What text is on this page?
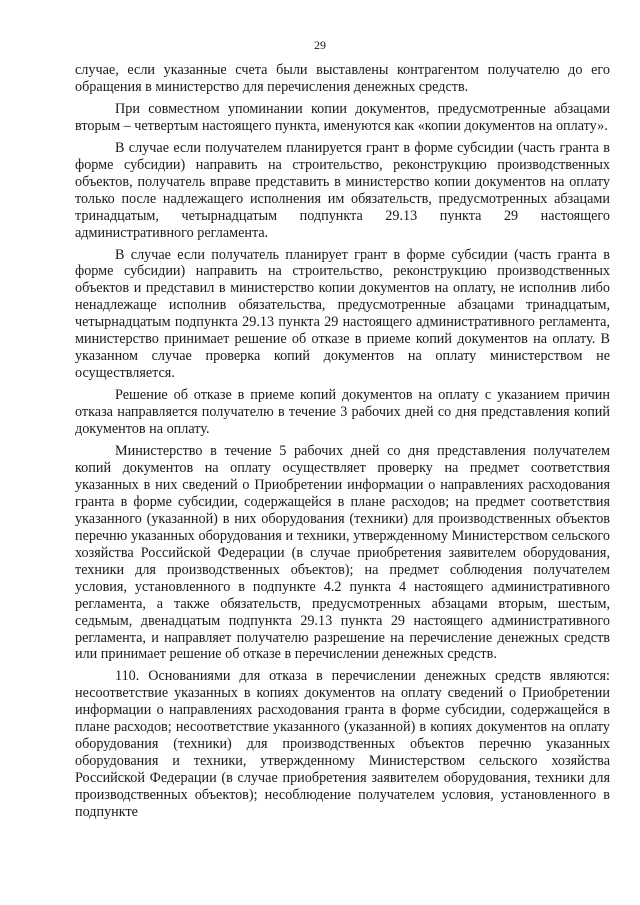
29

случае, если указанные счета были выставлены контрагентом получателю до его обращения в министерство для перечисления денежных средств.

При совместном упоминании копии документов, предусмотренные абзацами вторым – четвертым настоящего пункта, именуются как «копии документов на оплату».

В случае если получателем планируется грант в форме субсидии (часть гранта в форме субсидии) направить на строительство, реконструкцию производственных объектов, получатель вправе представить в министерство копии документов на оплату только после надлежащего исполнения им обязательств, предусмотренных абзацами тринадцатым, четырнадцатым подпункта 29.13 пункта 29 настоящего административного регламента.

В случае если получатель планирует грант в форме субсидии (часть гранта в форме субсидии) направить на строительство, реконструкцию производственных объектов и представил в министерство копии документов на оплату, не исполнив либо ненадлежаще исполнив обязательства, предусмотренные абзацами тринадцатым, четырнадцатым подпункта 29.13 пункта 29 настоящего административного регламента, министерство принимает решение об отказе в приеме копий документов на оплату. В указанном случае проверка копий документов на оплату министерством не осуществляется.

Решение об отказе в приеме копий документов на оплату с указанием причин отказа направляется получателю в течение 3 рабочих дней со дня представления копий документов на оплату.

Министерство в течение 5 рабочих дней со дня представления получателем копий документов на оплату осуществляет проверку на предмет соответствия указанных в них сведений о Приобретении информации о направлениях расходования гранта в форме субсидии, содержащейся в плане расходов; на предмет соответствия указанного (указанной) в них оборудования (техники) для производственных объектов перечню указанных оборудования и техники, утвержденному Министерством сельского хозяйства Российской Федерации (в случае приобретения заявителем оборудования, техники для производственных объектов); на предмет соблюдения получателем условия, установленного в подпункте 4.2 пункта 4 настоящего административного регламента, а также обязательств, предусмотренных абзацами вторым, шестым, седьмым, двенадцатым подпункта 29.13 пункта 29 настоящего административного регламента, и направляет получателю разрешение на перечисление денежных средств или принимает решение об отказе в перечислении денежных средств.

110. Основаниями для отказа в перечислении денежных средств являются: несоответствие указанных в копиях документов на оплату сведений о Приобретении информации о направлениях расходования гранта в форме субсидии, содержащейся в плане расходов; несоответствие указанного (указанной) в копиях документов на оплату оборудования (техники) для производственных объектов перечню указанных оборудования и техники, утвержденному Министерством сельского хозяйства Российской Федерации (в случае приобретения заявителем оборудования, техники для производственных объектов); несоблюдение получателем условия, установленного в подпункте
